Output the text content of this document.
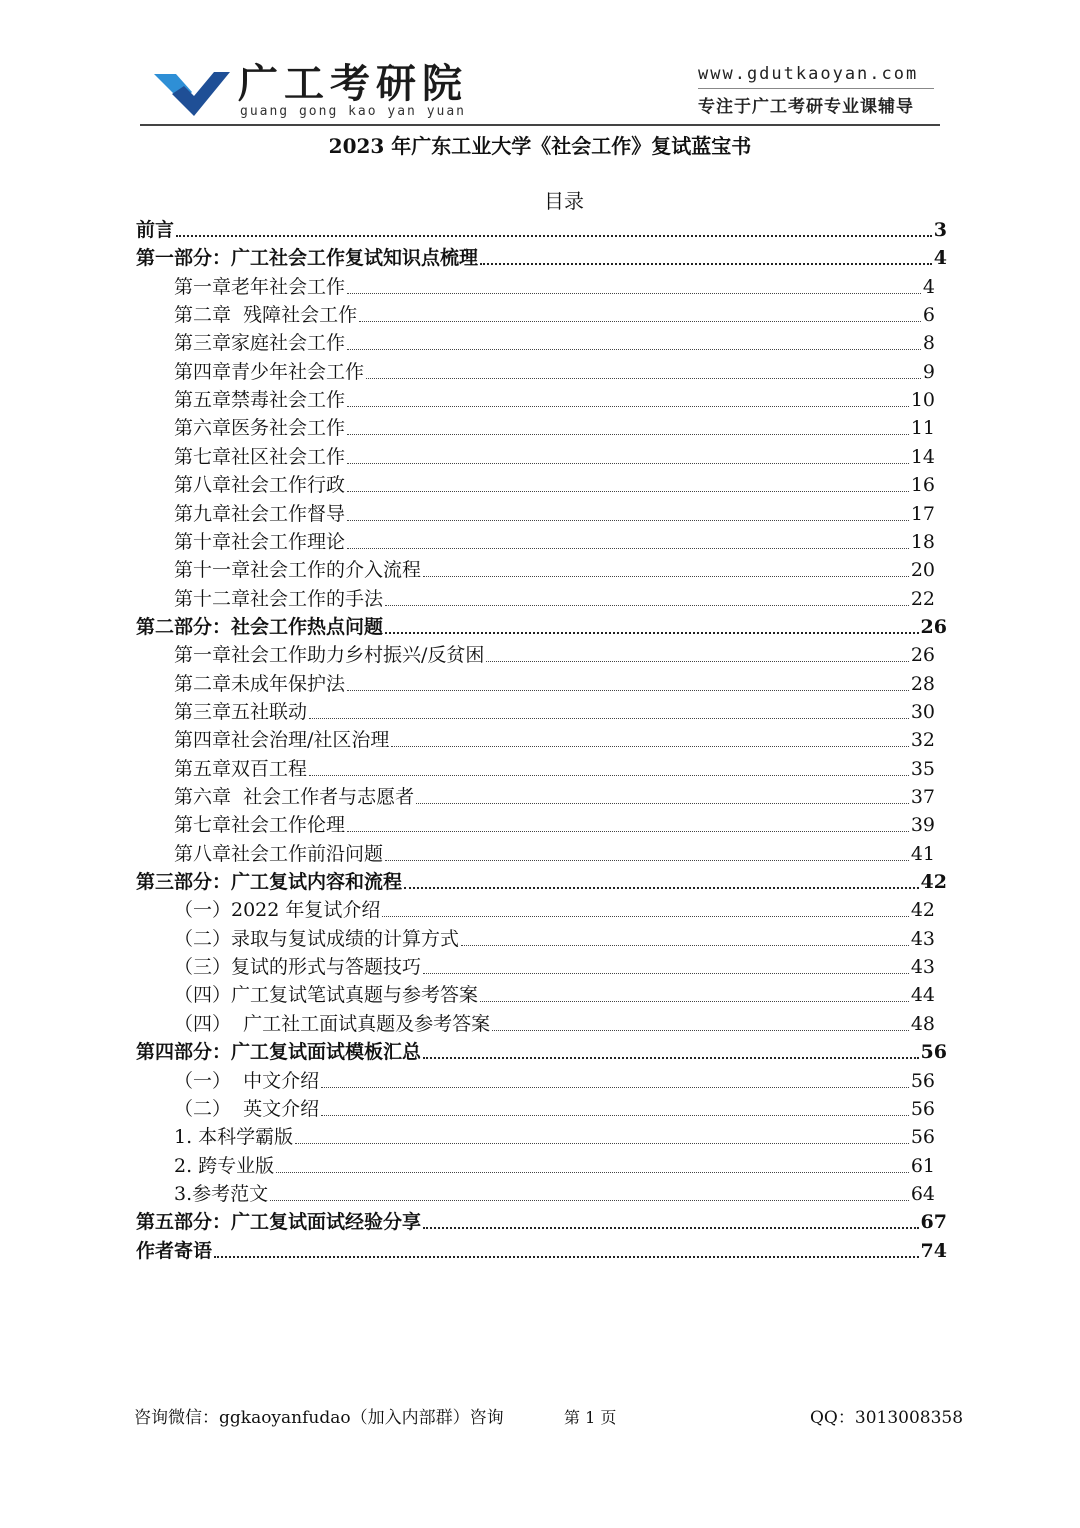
广工考研院
guang gong kao yan yuan
www.gdutkaoyan.com
专注于广工考研专业课辅导
2023 年广东工业大学《社会工作》复试蓝宝书
目录
前言	3
第一部分：广工社会工作复试知识点梳理	4
第一章老年社会工作	4
第二章  残障社会工作	6
第三章家庭社会工作	8
第四章青少年社会工作	9
第五章禁毒社会工作	10
第六章医务社会工作	11
第七章社区社会工作	14
第八章社会工作行政	16
第九章社会工作督导	17
第十章社会工作理论	18
第十一章社会工作的介入流程	20
第十二章社会工作的手法	22
第二部分：社会工作热点问题	26
第一章社会工作助力乡村振兴/反贫困	26
第二章未成年保护法	28
第三章五社联动	30
第四章社会治理/社区治理	32
第五章双百工程	35
第六章  社会工作者与志愿者	37
第七章社会工作伦理	39
第八章社会工作前沿问题	41
第三部分：广工复试内容和流程	42
（一）2022 年复试介绍	42
（二）录取与复试成绩的计算方式	43
（三）复试的形式与答题技巧	43
（四）广工复试笔试真题与参考答案	44
（四）  广工社工面试真题及参考答案	48
第四部分：广工复试面试模板汇总	56
（一）  中文介绍	56
（二）  英文介绍	56
1. 本科学霸版	56
2. 跨专业版	61
3.参考范文	64
第五部分：广工复试面试经验分享	67
作者寄语	74
咨询微信：ggkaoyanfudao（加入内部群）咨询	第 1 页	QQ：3013008358
